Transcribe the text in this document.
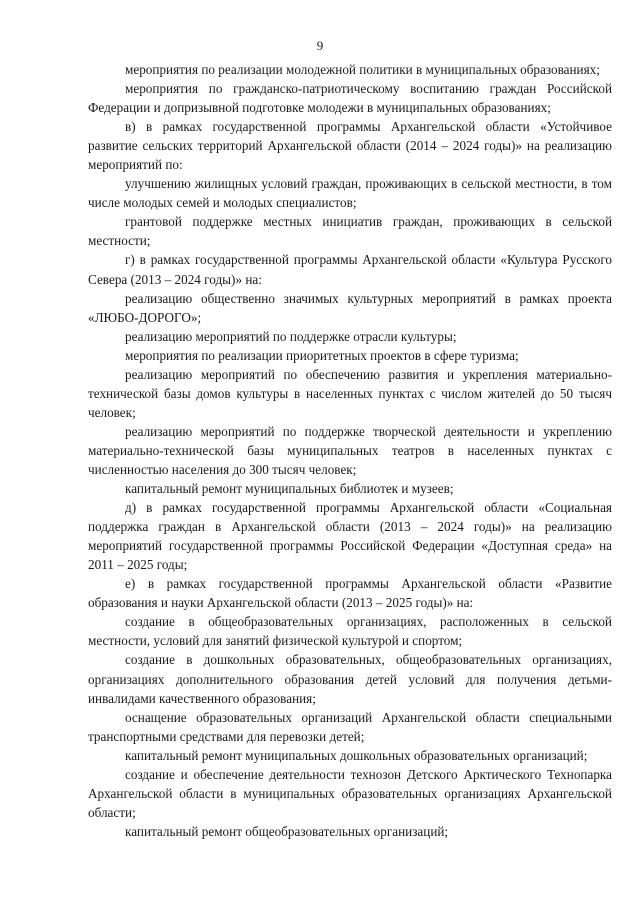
9

мероприятия по реализации молодежной политики в муниципальных образованиях;

мероприятия по гражданско-патриотическому воспитанию граждан Российской Федерации и допризывной подготовке молодежи в муниципальных образованиях;

в) в рамках государственной программы Архангельской области «Устойчивое развитие сельских территорий Архангельской области (2014 – 2024 годы)» на реализацию мероприятий по:

улучшению жилищных условий граждан, проживающих в сельской местности, в том числе молодых семей и молодых специалистов;

грантовой поддержке местных инициатив граждан, проживающих в сельской местности;

г) в рамках государственной программы Архангельской области «Культура Русского Севера (2013 – 2024 годы)» на:

реализацию общественно значимых культурных мероприятий в рамках проекта «ЛЮБО-ДОРОГО»;

реализацию мероприятий по поддержке отрасли культуры;

мероприятия по реализации приоритетных проектов в сфере туризма;

реализацию мероприятий по обеспечению развития и укрепления материально-технической базы домов культуры в населенных пунктах с числом жителей до 50 тысяч человек;

реализацию мероприятий по поддержке творческой деятельности и укреплению материально-технической базы муниципальных театров в населенных пунктах с численностью населения до 300 тысяч человек;

капитальный ремонт муниципальных библиотек и музеев;

д) в рамках государственной программы Архангельской области «Социальная поддержка граждан в Архангельской области (2013 – 2024 годы)» на реализацию мероприятий государственной программы Российской Федерации «Доступная среда» на 2011 – 2025 годы;

е) в рамках государственной программы Архангельской области «Развитие образования и науки Архангельской области (2013 – 2025 годы)» на:

создание в общеобразовательных организациях, расположенных в сельской местности, условий для занятий физической культурой и спортом;

создание в дошкольных образовательных, общеобразовательных организациях, организациях дополнительного образования детей условий для получения детьми-инвалидами качественного образования;

оснащение образовательных организаций Архангельской области специальными транспортными средствами для перевозки детей;

капитальный ремонт муниципальных дошкольных образовательных организаций;

создание и обеспечение деятельности технозон Детского Арктического Технопарка Архангельской области в муниципальных образовательных организациях Архангельской области;

капитальный ремонт общеобразовательных организаций;
